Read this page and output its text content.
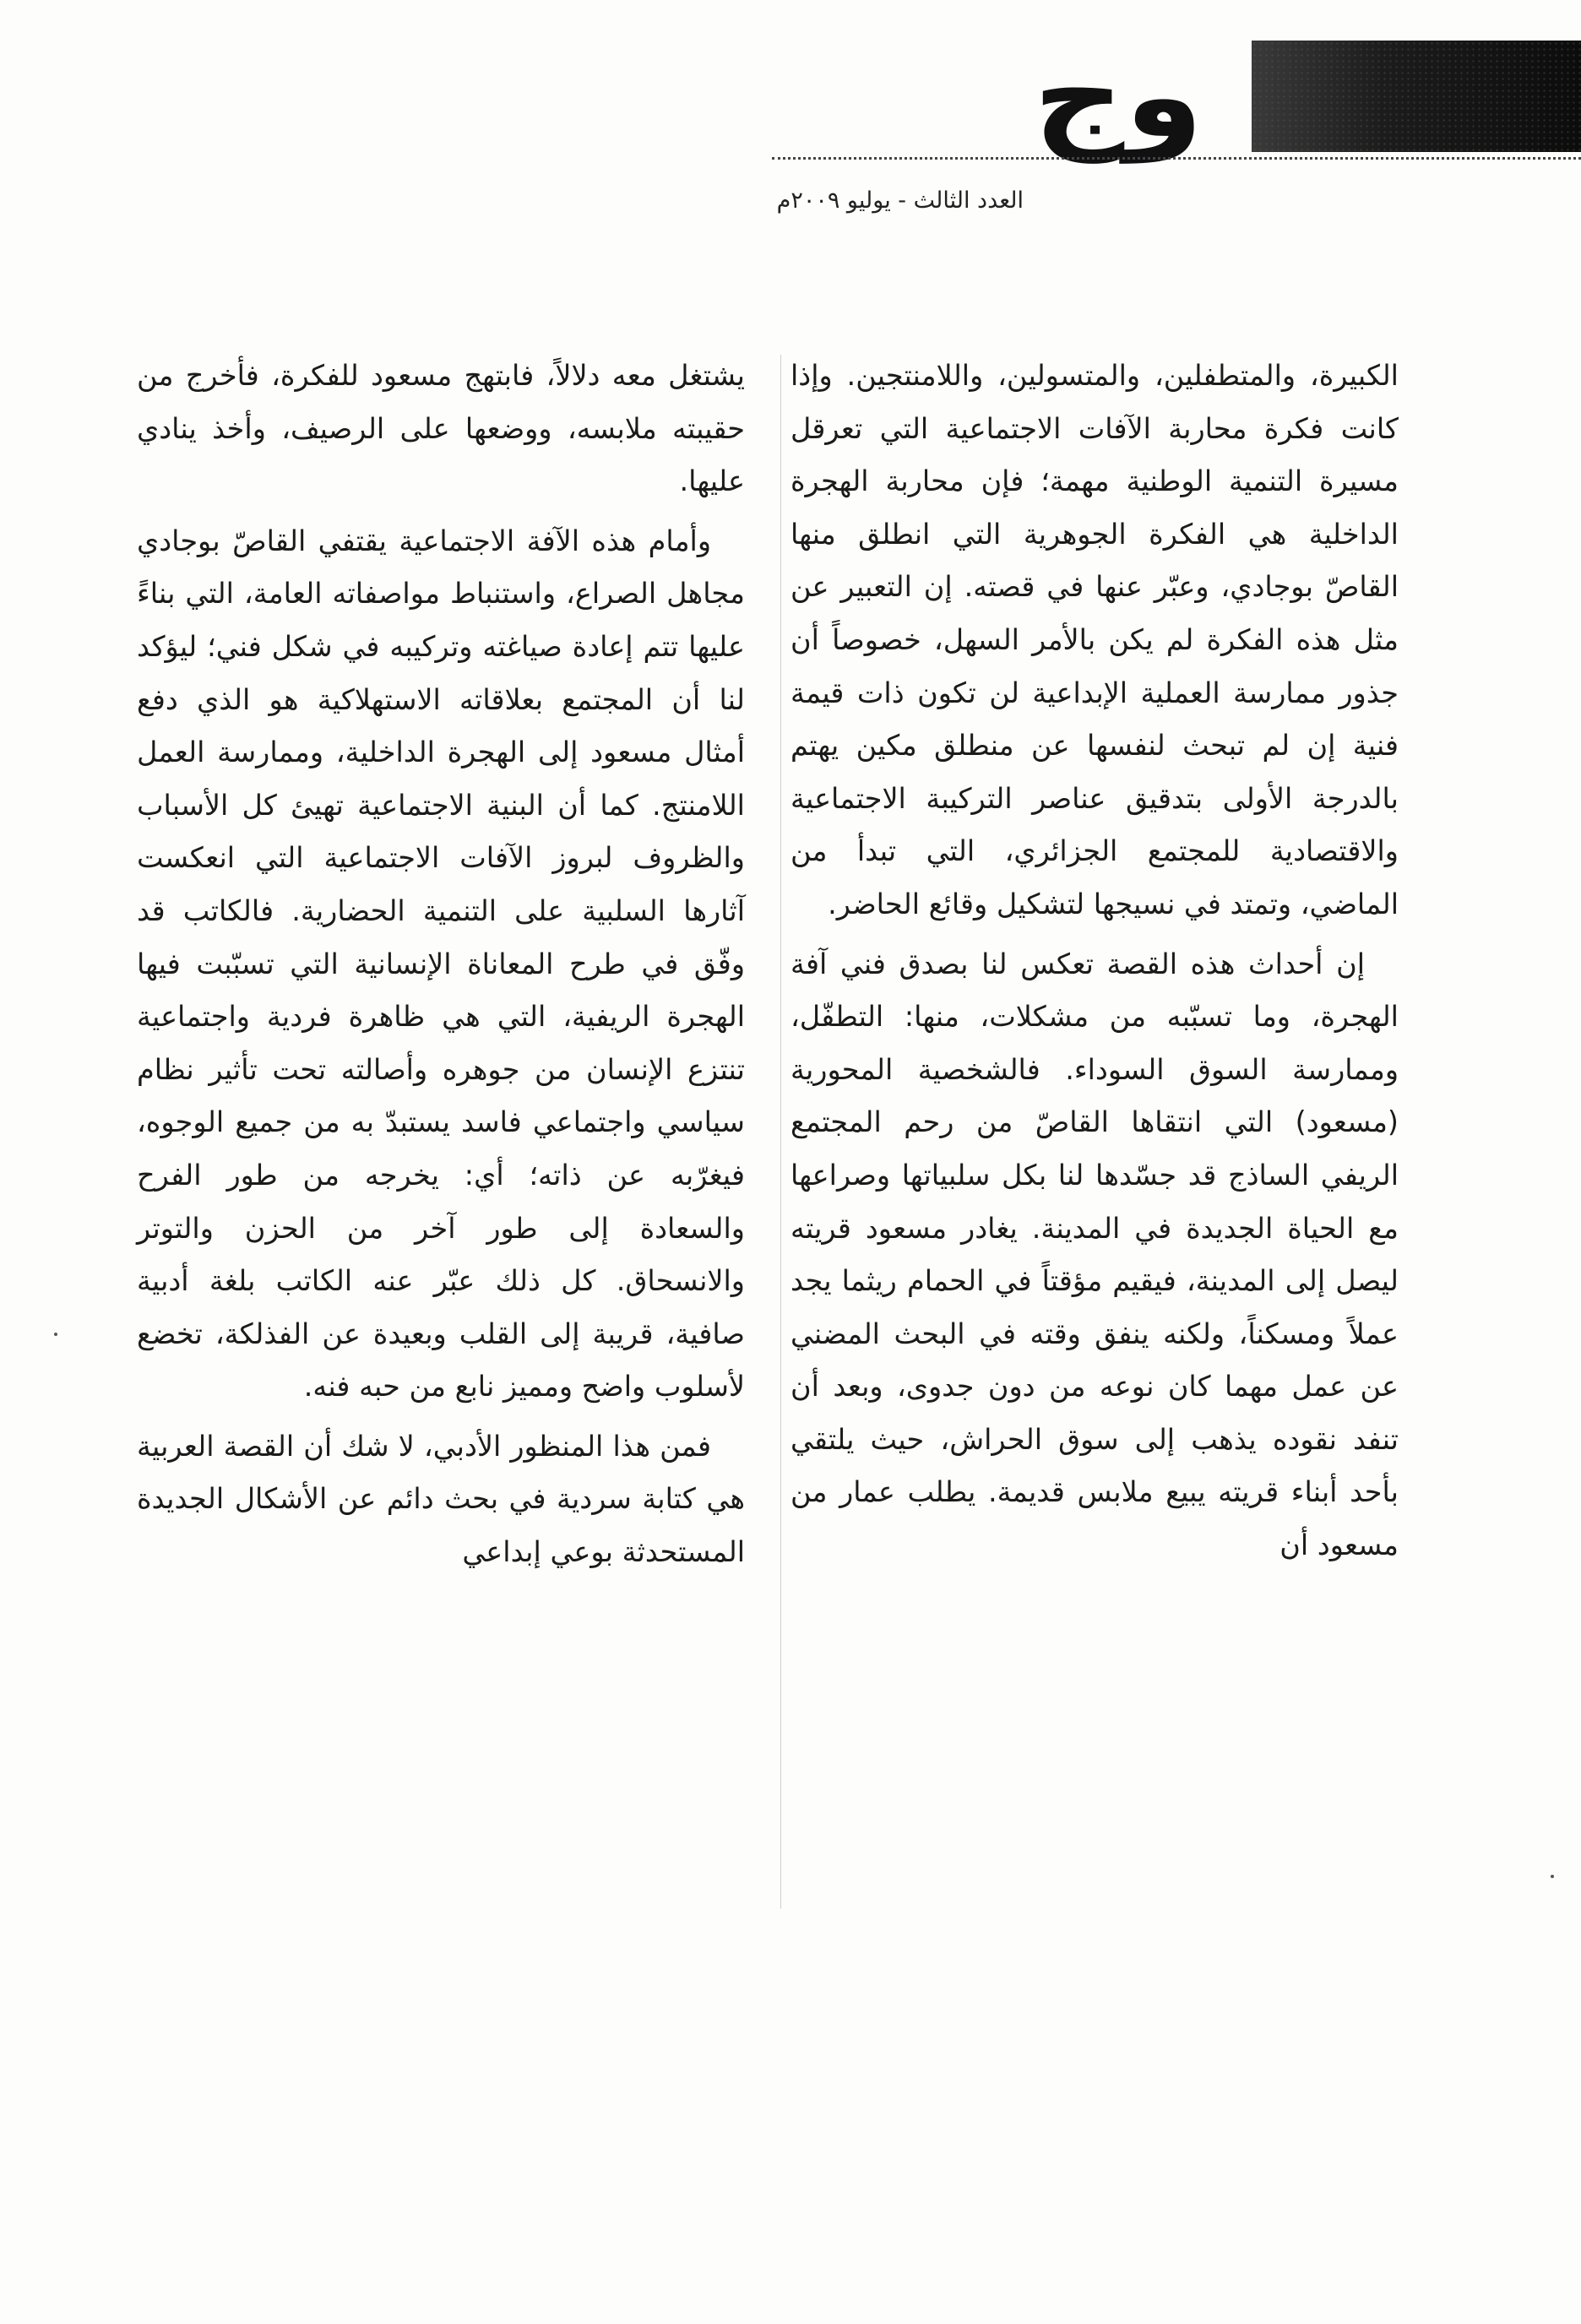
وج
العدد الثالث - يوليو ٢٠٠٩م

الكبيرة، والمتطفلين، والمتسولين، واللامنتجين. وإذا كانت فكرة محاربة الآفات الاجتماعية التي تعرقل مسيرة التنمية الوطنية مهمة؛ فإن محاربة الهجرة الداخلية هي الفكرة الجوهرية التي انطلق منها القاصّ بوجادي، وعبّر عنها في قصته. إن التعبير عن مثل هذه الفكرة لم يكن بالأمر السهل، خصوصاً أن جذور ممارسة العملية الإبداعية لن تكون ذات قيمة فنية إن لم تبحث لنفسها عن منطلق مكين يهتم بالدرجة الأولى بتدقيق عناصر التركيبة الاجتماعية والاقتصادية للمجتمع الجزائري، التي تبدأ من الماضي، وتمتد في نسيجها لتشكيل وقائع الحاضر.

إن أحداث هذه القصة تعكس لنا بصدق فني آفة الهجرة، وما تسبّبه من مشكلات، منها: التطفّل، وممارسة السوق السوداء. فالشخصية المحورية (مسعود) التي انتقاها القاصّ من رحم المجتمع الريفي الساذج قد جسّدها لنا بكل سلبياتها وصراعها مع الحياة الجديدة في المدينة. يغادر مسعود قريته ليصل إلى المدينة، فيقيم مؤقتاً في الحمام ريثما يجد عملاً ومسكناً، ولكنه ينفق وقته في البحث المضني عن عمل مهما كان نوعه من دون جدوى، وبعد أن تنفد نقوده يذهب إلى سوق الحراش، حيث يلتقي بأحد أبناء قريته يبيع ملابس قديمة. يطلب عمار من مسعود أن

يشتغل معه دلالاً، فابتهج مسعود للفكرة، فأخرج من حقيبته ملابسه، ووضعها على الرصيف، وأخذ ينادي عليها.

وأمام هذه الآفة الاجتماعية يقتفي القاصّ بوجادي مجاهل الصراع، واستنباط مواصفاته العامة، التي بناءً عليها تتم إعادة صياغته وتركيبه في شكل فني؛ ليؤكد لنا أن المجتمع بعلاقاته الاستهلاكية هو الذي دفع أمثال مسعود إلى الهجرة الداخلية، وممارسة العمل اللامنتج. كما أن البنية الاجتماعية تهيئ كل الأسباب والظروف لبروز الآفات الاجتماعية التي انعكست آثارها السلبية على التنمية الحضارية. فالكاتب قد وفّق في طرح المعاناة الإنسانية التي تسبّبت فيها الهجرة الريفية، التي هي ظاهرة فردية واجتماعية تنتزع الإنسان من جوهره وأصالته تحت تأثير نظام سياسي واجتماعي فاسد يستبدّ به من جميع الوجوه، فيغرّبه عن ذاته؛ أي: يخرجه من طور الفرح والسعادة إلى طور آخر من الحزن والتوتر والانسحاق. كل ذلك عبّر عنه الكاتب بلغة أدبية صافية، قريبة إلى القلب وبعيدة عن الفذلكة، تخضع لأسلوب واضح ومميز نابع من حبه فنه.

فمن هذا المنظور الأدبي، لا شك أن القصة العربية هي كتابة سردية في بحث دائم عن الأشكال الجديدة المستحدثة بوعي إبداعي
